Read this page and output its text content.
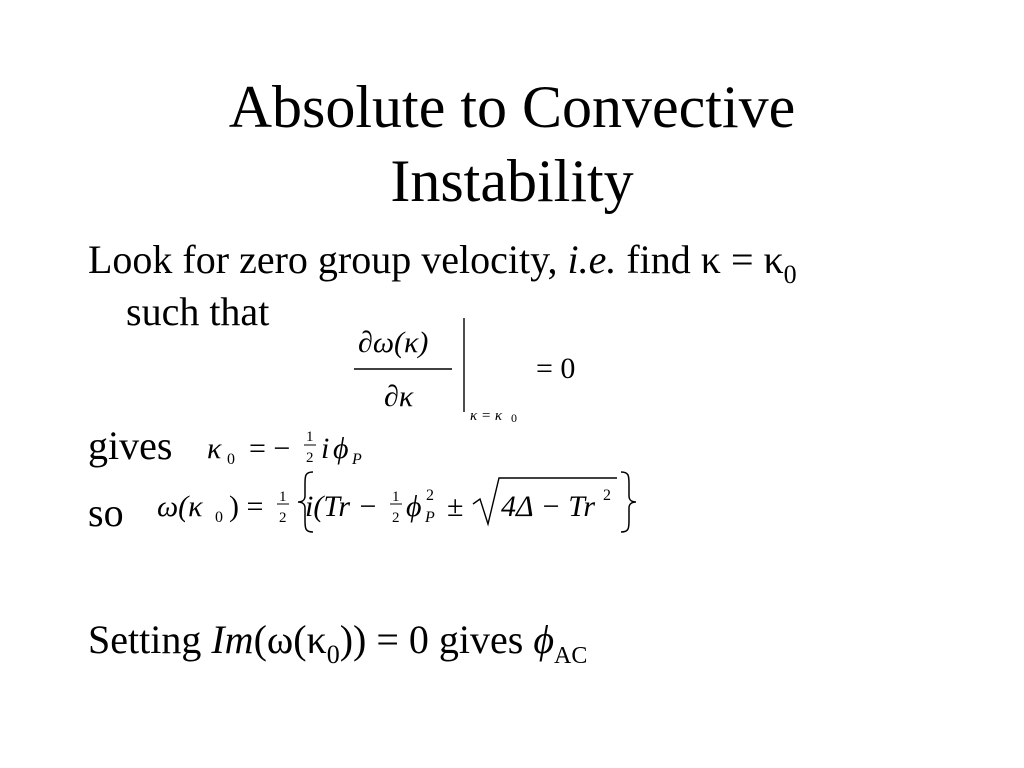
Absolute to Convective
Instability
Look for zero group velocity, i.e. find $\kappa = \kappa_0$
such that
∂ω(κ)
∂κ
κ = κ 0
= 0
gives κ 0 = − 1
2 i ϕ P
so ω(κ 0 ) = 1
2 i(Tr − 1
2 ϕ 2
P ± 4Δ − Tr 2
Setting $Im(\omega(\kappa_0)) = 0$ gives $\phi_{AC}$
